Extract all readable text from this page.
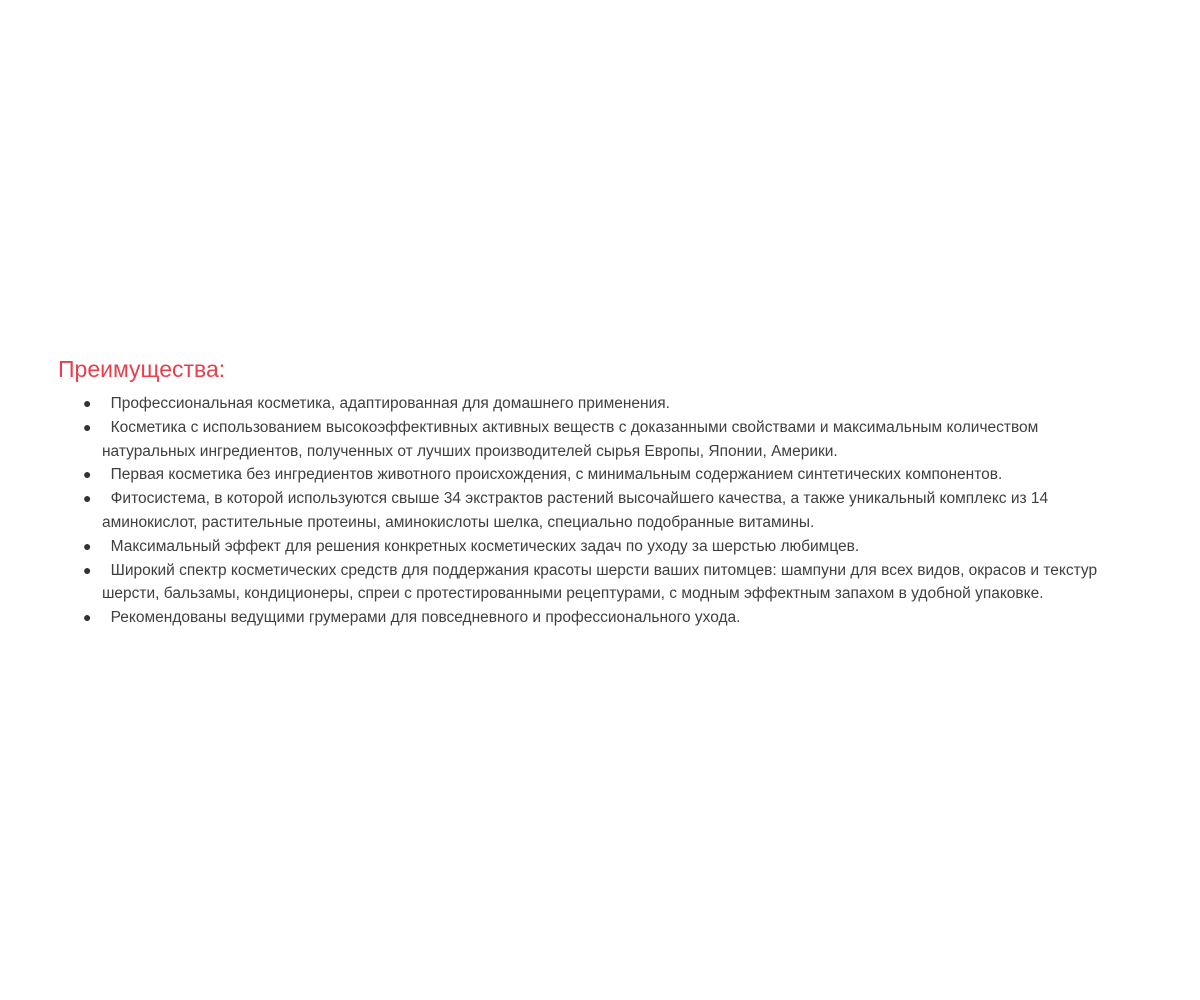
Преимущества:
● Профессиональная косметика, адаптированная для домашнего применения.
● Косметика с использованием высокоэффективных активных веществ с доказанными свойствами и максимальным количеством натуральных ингредиентов, полученных от лучших производителей сырья Европы, Японии, Америки.
● Первая косметика без ингредиентов животного происхождения, с минимальным содержанием синтетических компонентов.
● Фитосистема, в которой используются свыше 34 экстрактов растений высочайшего качества, а также уникальный комплекс из 14 аминокислот, растительные протеины, аминокислоты шелка, специально подобранные витамины.
● Максимальный эффект для решения конкретных косметических задач по уходу за шерстью любимцев.
● Широкий спектр косметических средств для поддержания красоты шерсти ваших питомцев: шампуни для всех видов, окрасов и текстур шерсти, бальзамы, кондиционеры, спреи с протестированными рецептурами, с модным эффектным запахом в удобной упаковке.
● Рекомендованы ведущими грумерами для повседневного и профессионального ухода.
